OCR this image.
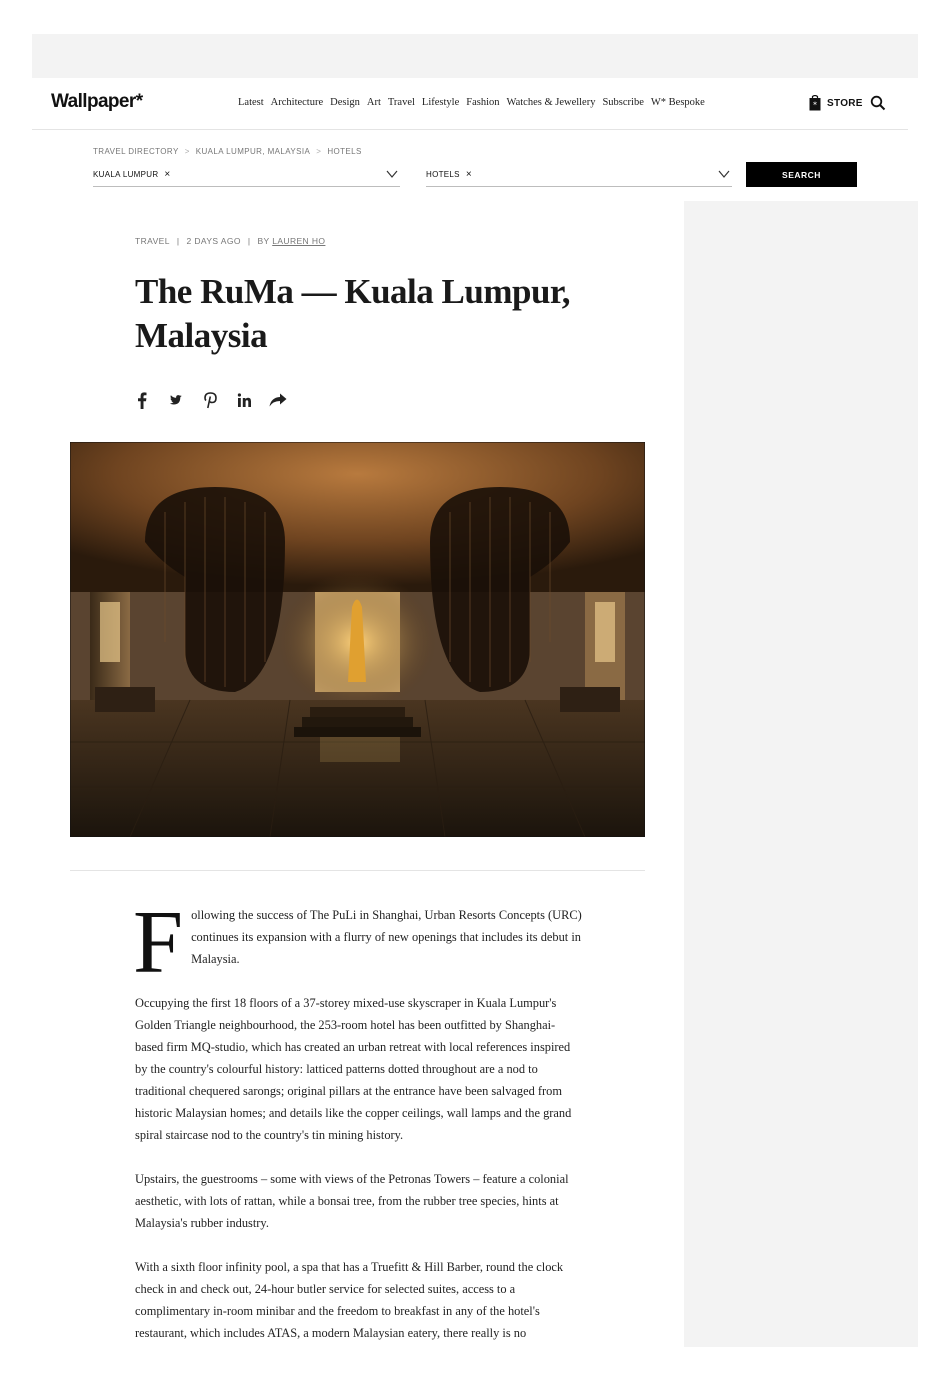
Wallpaper*	Latest Architecture Design Art Travel Lifestyle Fashion Watches & Jewellery Subscribe W* Bespoke	* STORE
TRAVEL DIRECTORY > KUALA LUMPUR, MALAYSIA > HOTELS
KUALA LUMPUR ×	HOTELS ×	SEARCH
TRAVEL | 2 DAYS AGO | BY LAUREN HO
The RuMa — Kuala Lumpur, Malaysia

Following the success of The PuLi in Shanghai, Urban Resorts Concepts (URC) continues its expansion with a flurry of new openings that includes its debut in Malaysia.

Occupying the first 18 floors of a 37-storey mixed-use skyscraper in Kuala Lumpur's Golden Triangle neighbourhood, the 253-room hotel has been outfitted by Shanghai-based firm MQ-studio, which has created an urban retreat with local references inspired by the country's colourful history: latticed patterns dotted throughout are a nod to traditional chequered sarongs; original pillars at the entrance have been salvaged from historic Malaysian homes; and details like the copper ceilings, wall lamps and the grand spiral staircase nod to the country's tin mining history.

Upstairs, the guestrooms – some with views of the Petronas Towers – feature a colonial aesthetic, with lots of rattan, while a bonsai tree, from the rubber tree species, hints at Malaysia's rubber industry.

With a sixth floor infinity pool, a spa that has a Truefitt & Hill Barber, round the clock check in and check out, 24-hour butler service for selected suites, access to a complimentary in-room minibar and the freedom to breakfast in any of the hotel's restaurant, which includes ATAS, a modern Malaysian eatery, there really is no
